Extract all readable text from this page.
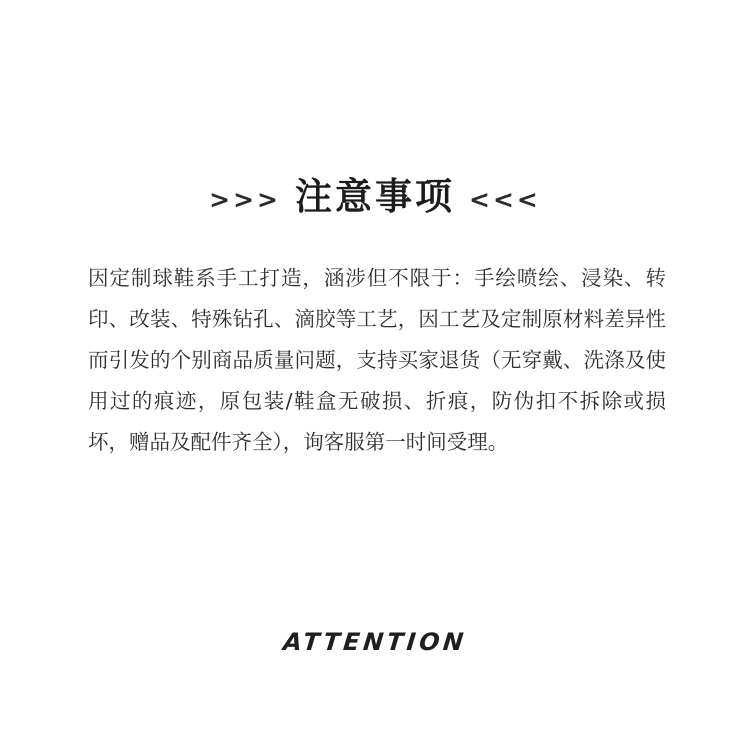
>>> 注意事项 <<<
因定制球鞋系手工打造，涵涉但不限于：手绘喷绘、浸染、转印、改装、特殊钻孔、滴胶等工艺，因工艺及定制原材料差异性而引发的个别商品质量问题，支持买家退货（无穿戴、洗涤及使用过的痕迹，原包装/鞋盒无破损、折痕，防伪扣不拆除或损坏，赠品及配件齐全），询客服第一时间受理。
ATTENTION
